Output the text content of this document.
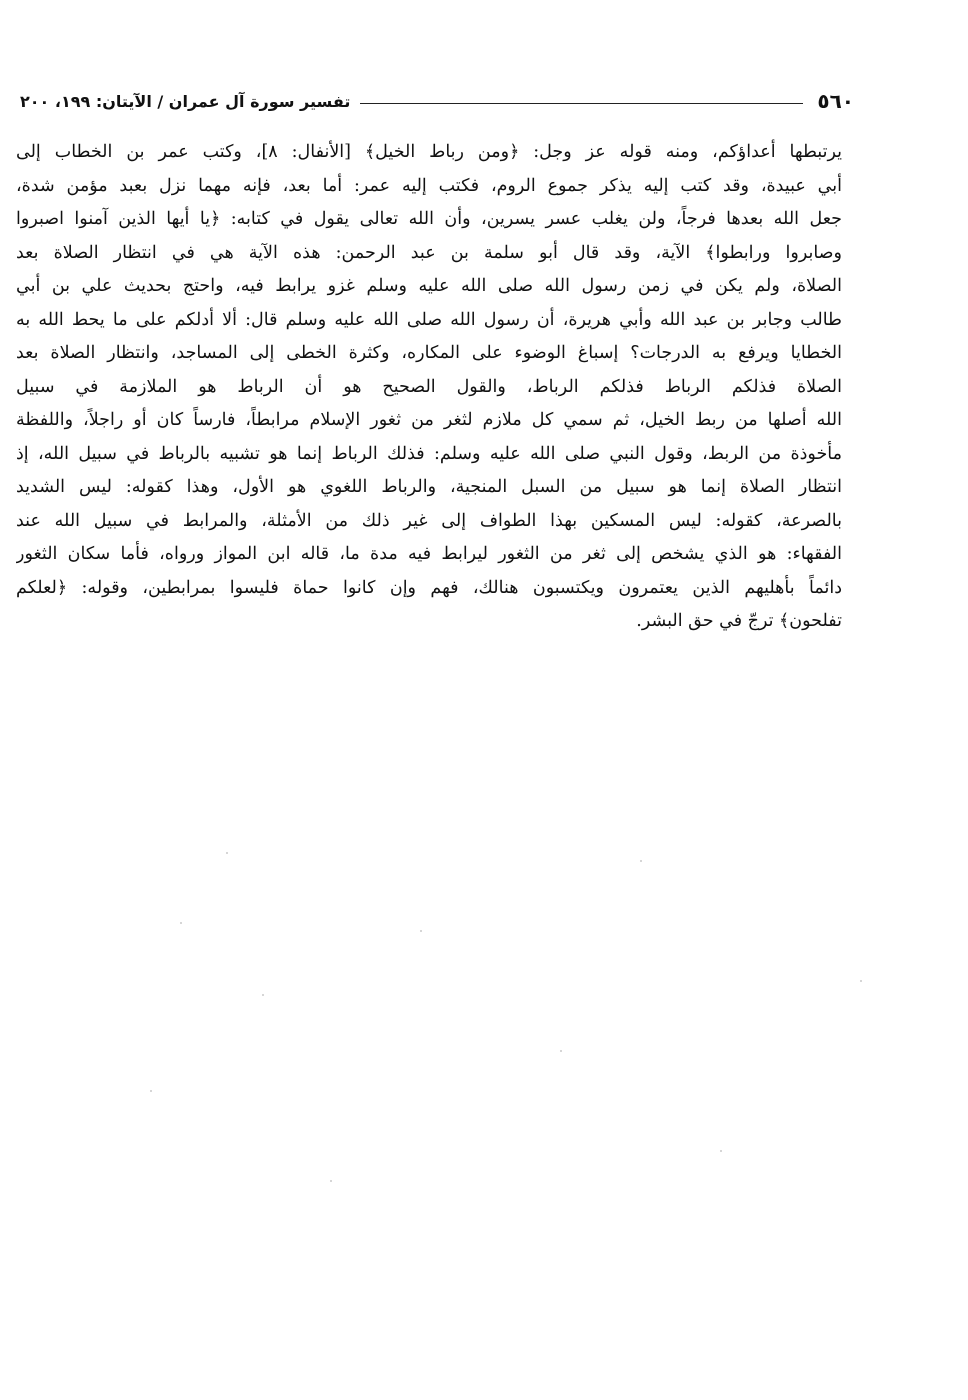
٥٦٠
تفسير سورة آل عمران / الآيتان: ١٩٩، ٢٠٠
يرتبطها أعداؤكم، ومنه قوله عز وجل: ﴿ومن رباط الخيل﴾ [الأنفال: ٨]، وكتب عمر بن الخطاب إلى
أبي عبيدة، وقد كتب إليه يذكر جموع الروم، فكتب إليه عمر: أما بعد، فإنه مهما نزل بعبد مؤمن شدة،
جعل الله بعدها فرجاً، ولن يغلب عسر يسرين، وأن الله تعالى يقول في كتابه: ﴿يا أيها الذين آمنوا اصبروا
وصابروا ورابطوا﴾ الآية، وقد قال أبو سلمة بن عبد الرحمن: هذه الآية هي في انتظار الصلاة بعد
الصلاة، ولم يكن في زمن رسول الله صلى الله عليه وسلم غزو يرابط فيه، واحتج بحديث علي بن أبي
طالب وجابر بن عبد الله وأبي هريرة، أن رسول الله صلى الله عليه وسلم قال: ألا أدلكم على ما يحط الله به
الخطايا ويرفع به الدرجات؟ إسباغ الوضوء على المكاره، وكثرة الخطى إلى المساجد، وانتظار الصلاة بعد
الصلاة فذلكم الرباط فذلكم الرباط، والقول الصحيح هو أن الرباط هو الملازمة في سبيل
الله أصلها من ربط الخيل، ثم سمي كل ملازم لثغر من ثغور الإسلام مرابطاً، فارساً كان أو راجلاً، واللفظة
مأخوذة من الربط، وقول النبي صلى الله عليه وسلم: فذلك الرباط إنما هو تشبيه بالرباط في سبيل الله، إذ
انتظار الصلاة إنما هو سبيل من السبل المنجية، والرباط اللغوي هو الأول، وهذا كقوله: ليس الشديد
بالصرعة، كقوله: ليس المسكين بهذا الطواف إلى غير ذلك من الأمثلة، والمرابط في سبيل الله عند
الفقهاء: هو الذي يشخص إلى ثغر من الثغور ليرابط فيه مدة ما، قاله ابن المواز ورواه، فأما سكان الثغور
دائماً بأهليهم الذين يعتمرون ويكتسبون هنالك، فهم وإن كانوا حماة فليسوا بمرابطين، وقوله: ﴿لعلكم
تفلحون﴾ ترجّ في حق البشر.
